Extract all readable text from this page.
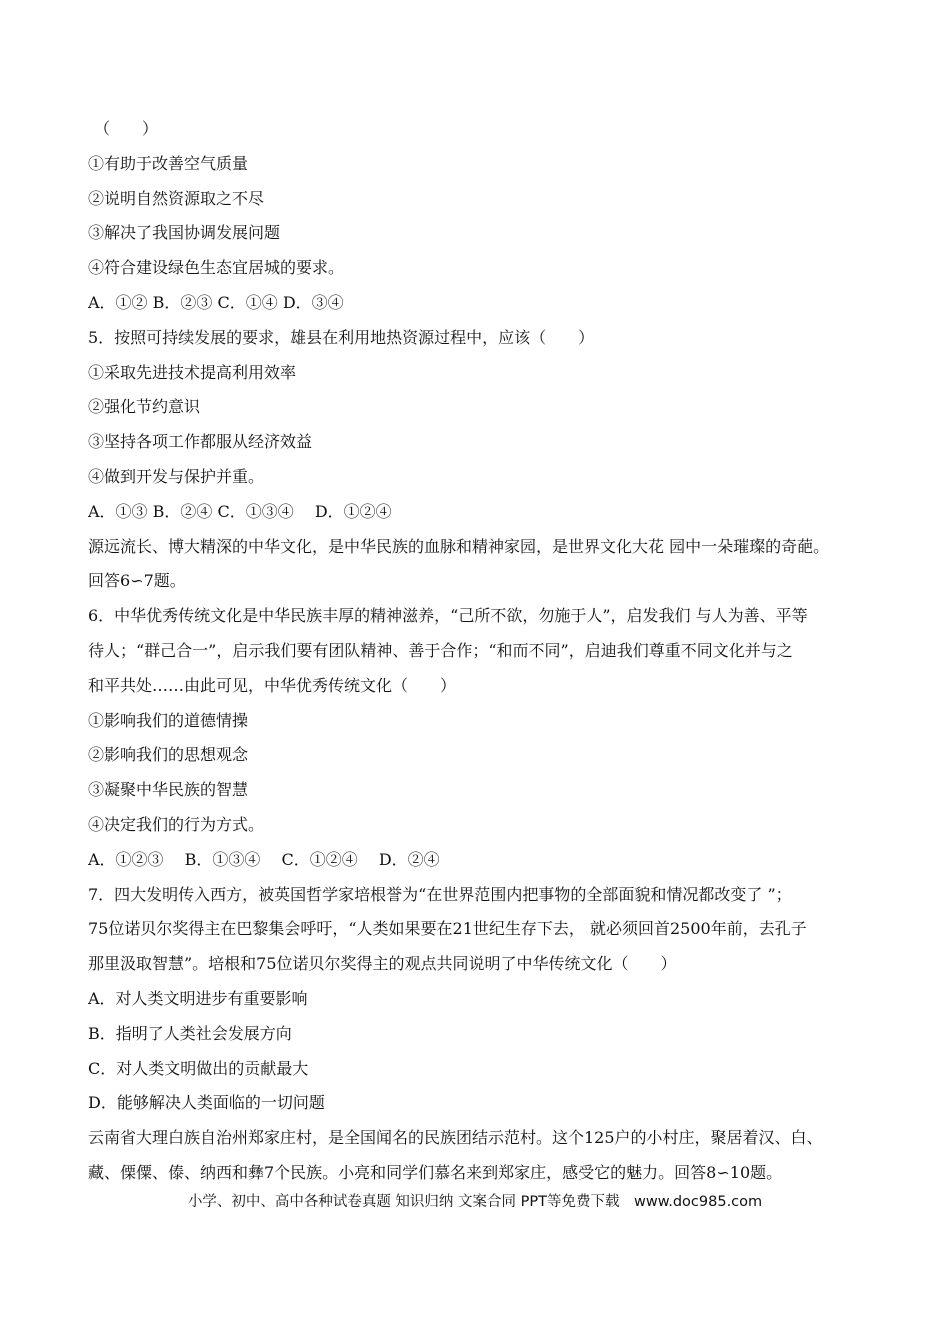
（　　）
①有助于改善空气质量
②说明自然资源取之不尽
③解决了我国协调发展问题
④符合建设绿色生态宜居城的要求。
A．①② B．②③ C．①④ D．③④
5．按照可持续发展的要求，雄县在利用地热资源过程中，应该（　　）
①采取先进技术提高利用效率
②强化节约意识
③坚持各项工作都服从经济效益
④做到开发与保护并重。
A．①③ B．②④ C．①③④　 D．①②④
源远流长、博大精深的中华文化，是中华民族的血脉和精神家园，是世界文化大花 园中一朵璀璨的奇葩。
回答6∽7题。
6．中华优秀传统文化是中华民族丰厚的精神滋养，“己所不欲，勿施于人”，启发我们 与人为善、平等
待人；“群己合一”，启示我们要有团队精神、善于合作；“和而不同”，启迪我们尊重不同文化并与之
和平共处……由此可见，中华优秀传统文化（　　）
①影响我们的道德情操
②影响我们的思想观念
③凝聚中华民族的智慧
④决定我们的行为方式。
A．①②③　 B．①③④　 C．①②④　 D．②④
7．四大发明传入西方，被英国哲学家培根誉为“在世界范围内把事物的全部面貌和情况都改变了 ”；
75位诺贝尔奖得主在巴黎集会呼吁，“人类如果要在21世纪生存下去， 就必须回首2500年前，去孔子
那里汲取智慧”。培根和75位诺贝尔奖得主的观点共同说明了中华传统文化（　　）
A．对人类文明进步有重要影响
B．指明了人类社会发展方向
C．对人类文明做出的贡献最大
D．能够解决人类面临的一切问题
云南省大理白族自治州郑家庄村，是全国闻名的民族团结示范村。这个125户的小村庄，聚居着汉、白、
藏、傈僳、傣、纳西和彝7个民族。小亮和同学们慕名来到郑家庄，感受它的魅力。回答8∽10题。
小学、初中、高中各种试卷真题 知识归纳 文案合同 PPT等免费下载　www.doc985.com
